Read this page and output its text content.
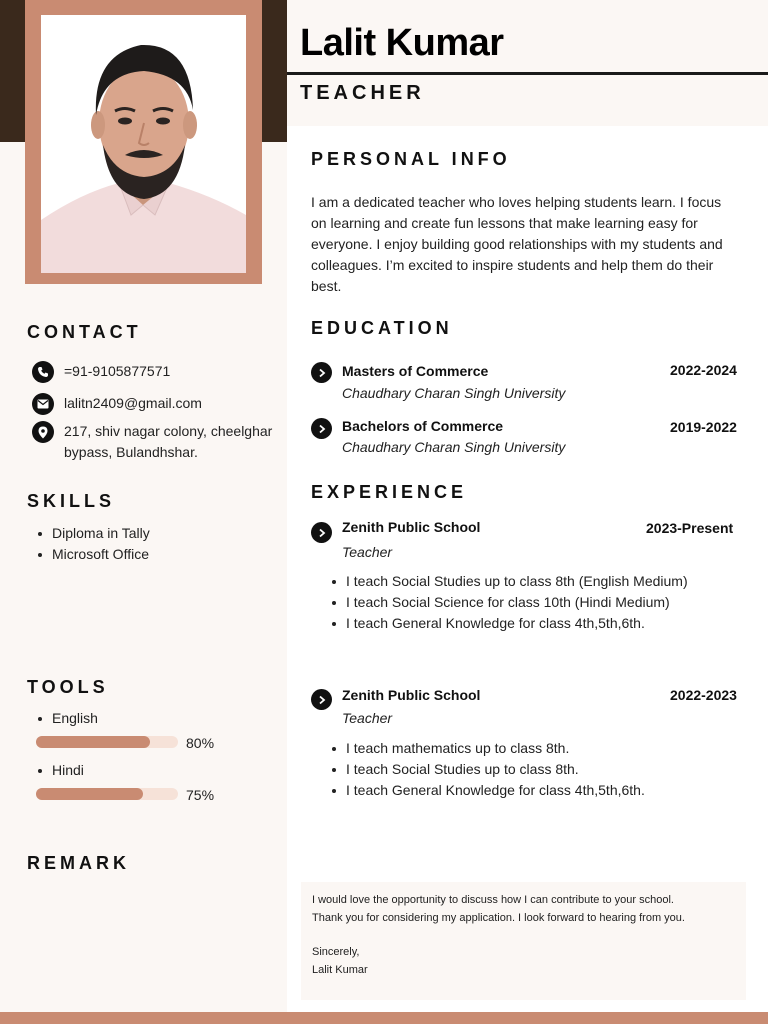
CONTACT
=91-9105877571
lalitn2409@gmail.com
217, shiv nagar colony, cheelghar bypass, Bulandhshar.
SKILLS
Diploma in Tally
Microsoft Office
TOOLS
English
80%
Hindi
75%
REMARK
Lalit Kumar
TEACHER
PERSONAL INFO
I am a dedicated teacher who loves helping students learn. I focus on learning and create fun lessons that make learning easy for everyone. I enjoy building good relationships with my students and colleagues. I’m excited to inspire students and help them do their best.
EDUCATION
Masters of Commerce	2022-2024
Chaudhary Charan Singh University
Bachelors of Commerce	2019-2022
Chaudhary Charan Singh University
EXPERIENCE
Zenith Public School	2023-Present
Teacher
I teach Social Studies up to class 8th (English Medium)
I teach Social Science for class 10th (Hindi Medium)
I teach General Knowledge for class 4th,5th,6th.
Zenith Public School	2022-2023
Teacher
I teach mathematics up to class 8th.
I teach Social Studies up to class 8th.
I teach General Knowledge for class 4th,5th,6th.

I would love the opportunity to discuss how I can contribute to your school.

Thank you for considering my application. I look forward to hearing from you.

Sincerely,

Lalit Kumar
